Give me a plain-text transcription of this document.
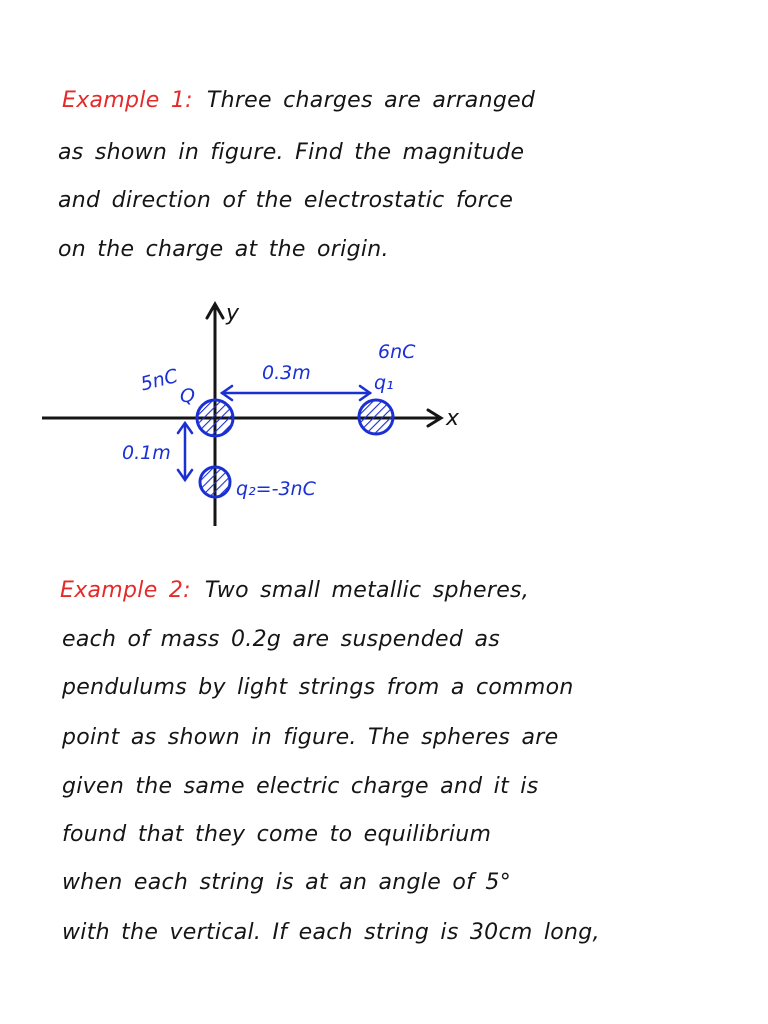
Example 1: Three charges are arranged
as shown in figure. Find the magnitude
and direction of the electrostatic force
on the charge at the origin.
y
x
5nC
Q
6nC
q₁
q₂=-3nC
0.3m
0.1m
Example 2: Two small metallic spheres,
each of mass 0.2g are suspended as
pendulums by light strings from a common
point as shown in figure. The spheres are
given the same electric charge and it is
found that they come to equilibrium
when each string is at an angle of 5°
with the vertical. If each string is 30cm long,
